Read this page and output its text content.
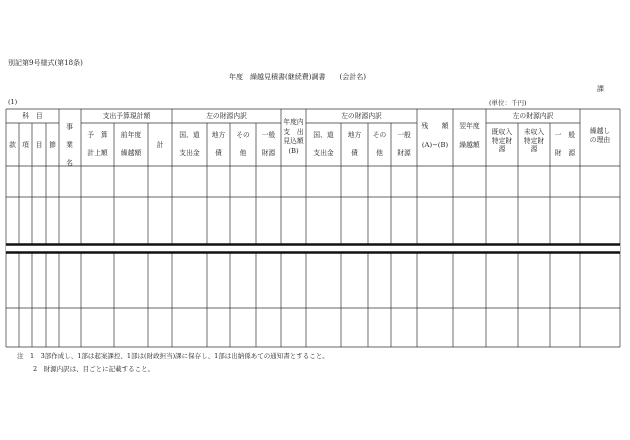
別記第9号様式(第18条)
年度　繰越見積書(継続費)調書　　(会計名)
課
(1)	(単位：千円)
科　目
款 項 目 節
事
業
名
支出予算現計額
予　算
計上額
前年度
繰越額
計
左の財源内訳
国、道
支出金
地方
債
その
他
一般
財源
年度内
支　出
見込額
(B)
左の財源内訳
国、道
支出金
地方
債
その
他
一般
財源
残　　額
(A)−(B)
翌年度
繰越額
左の財源内訳
既収入
特定財
源
未収入
特定財
源
一　般
財　源
繰越し
の理由
注　1　3部作成し、1部は起案課控、1部は(財政担当)課に保存し、1部は出納係あての通知書とすること。
2　財源内訳は、目ごとに記載すること。
